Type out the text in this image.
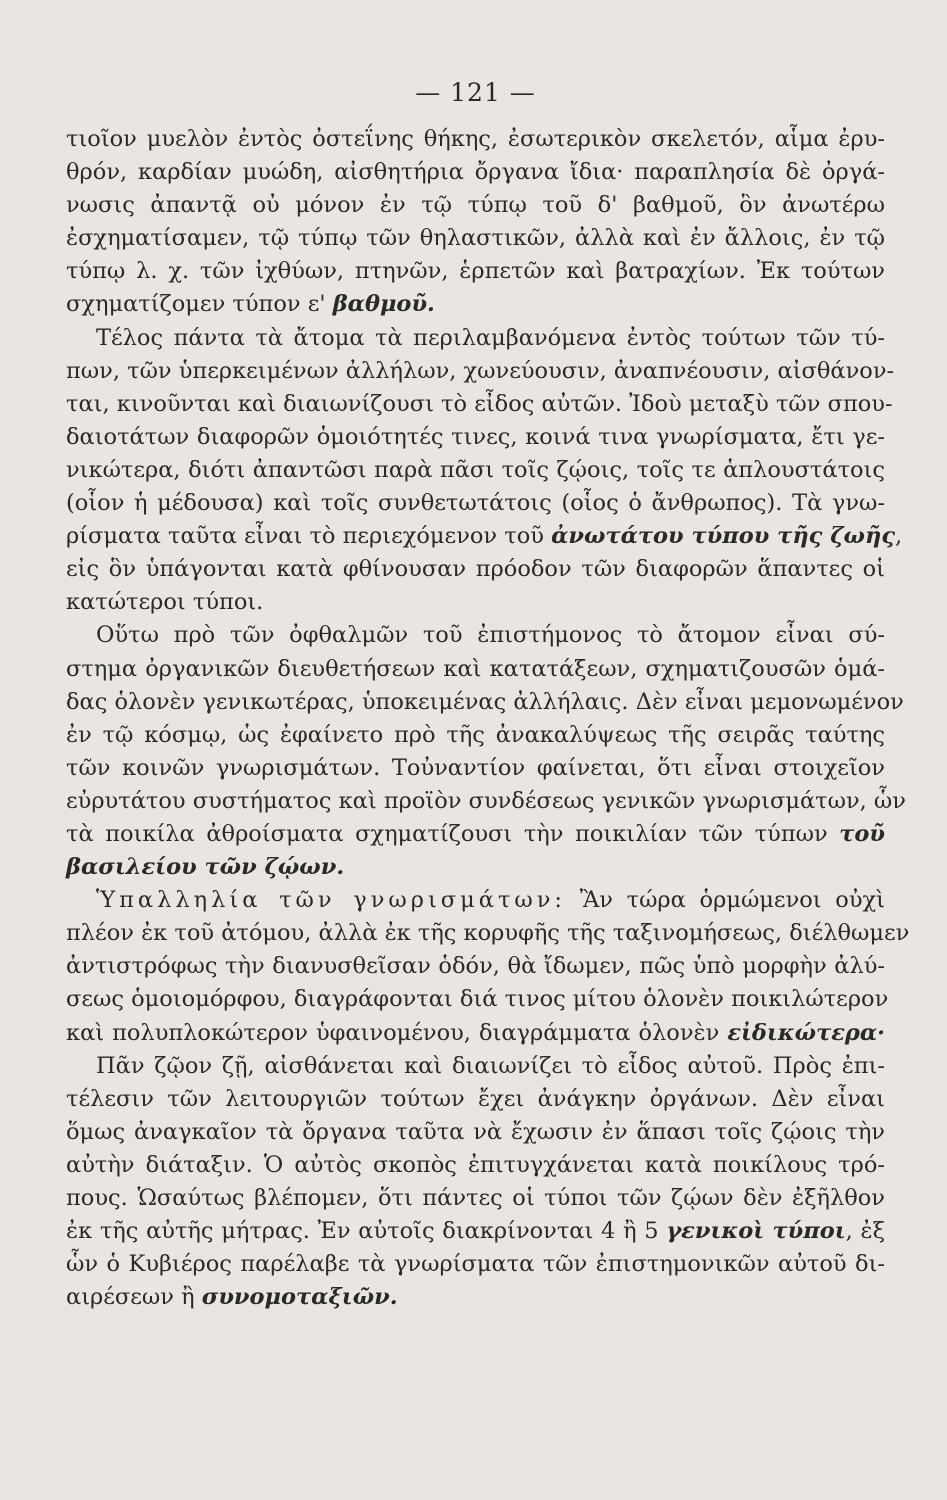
— 121 —
τιοῖον μυελὸν ἐντὸς ὀστεΐνης θήκης, ἐσωτερικὸν σκελετόν, αἷμα ἐρυ-
θρόν, καρδίαν μυώδη, αἰσθητήρια ὄργανα ἴδια· παραπλησία δὲ ὀργά-
νωσις ἀπαντᾷ οὐ μόνον ἐν τῷ τύπῳ τοῦ δ' βαθμοῦ, ὃν ἀνωτέρω
ἐσχηματίσαμεν, τῷ τύπῳ τῶν θηλαστικῶν, ἀλλὰ καὶ ἐν ἄλλοις, ἐν τῷ
τύπῳ λ. χ. τῶν ἰχθύων, πτηνῶν, ἑρπετῶν καὶ βατραχίων. Ἐκ τούτων
σχηματίζομεν τύπον ε' βαθμοῦ.
Τέλος πάντα τὰ ἄτομα τὰ περιλαμβανόμενα ἐντὸς τούτων τῶν τύ-
πων, τῶν ὑπερκειμένων ἀλλήλων, χωνεύουσιν, ἀναπνέουσιν, αἰσθάνον-
ται, κινοῦνται καὶ διαιωνίζουσι τὸ εἶδος αὐτῶν. Ἰδοὺ μεταξὺ τῶν σπου-
δαιοτάτων διαφορῶν ὁμοιότητές τινες, κοινά τινα γνωρίσματα, ἔτι γε-
νικώτερα, διότι ἀπαντῶσι παρὰ πᾶσι τοῖς ζῴοις, τοῖς τε ἁπλουστάτοις
(οἷον ἡ μέδουσα) καὶ τοῖς συνθετωτάτοις (οἷος ὁ ἄνθρωπος). Τὰ γνω-
ρίσματα ταῦτα εἶναι τὸ περιεχόμενον τοῦ ἀνωτάτου τύπου τῆς ζωῆς,
εἰς ὃν ὑπάγονται κατὰ φθίνουσαν πρόοδον τῶν διαφορῶν ἅπαντες οἱ
κατώτεροι τύποι.
Οὕτω πρὸ τῶν ὀφθαλμῶν τοῦ ἐπιστήμονος τὸ ἄτομον εἶναι σύ-
στημα ὀργανικῶν διευθετήσεων καὶ κατατάξεων, σχηματιζουσῶν ὁμά-
δας ὁλονὲν γενικωτέρας, ὑποκειμένας ἀλλήλαις. Δὲν εἶναι μεμονωμένον
ἐν τῷ κόσμῳ, ὡς ἐφαίνετο πρὸ τῆς ἀνακαλύψεως τῆς σειρᾶς ταύτης
τῶν κοινῶν γνωρισμάτων. Τοὐναντίον φαίνεται, ὅτι εἶναι στοιχεῖον
εὐρυτάτου συστήματος καὶ προϊὸν συνδέσεως γενικῶν γνωρισμάτων, ὧν
τὰ ποικίλα ἀθροίσματα σχηματίζουσι τὴν ποικιλίαν τῶν τύπων τοῦ
βασιλείου τῶν ζῴων.
Ὑπαλληλία τῶν γνωρισμάτων: Ἂν τώρα ὁρμώμενοι οὐχὶ
πλέον ἐκ τοῦ ἀτόμου, ἀλλὰ ἐκ τῆς κορυφῆς τῆς ταξινομήσεως, διέλθωμεν
ἀντιστρόφως τὴν διανυσθεῖσαν ὁδόν, θὰ ἴδωμεν, πῶς ὑπὸ μορφὴν ἀλύ-
σεως ὁμοιομόρφου, διαγράφονται διά τινος μίτου ὁλονὲν ποικιλώτερον
καὶ πολυπλοκώτερον ὑφαινομένου, διαγράμματα ὁλονὲν εἰδικώτερα·
Πᾶν ζῷον ζῇ, αἰσθάνεται καὶ διαιωνίζει τὸ εἶδος αὐτοῦ. Πρὸς ἐπι-
τέλεσιν τῶν λειτουργιῶν τούτων ἔχει ἀνάγκην ὀργάνων. Δὲν εἶναι
ὅμως ἀναγκαῖον τὰ ὄργανα ταῦτα νὰ ἔχωσιν ἐν ἅπασι τοῖς ζῴοις τὴν
αὐτὴν διάταξιν. Ὁ αὐτὸς σκοπὸς ἐπιτυγχάνεται κατὰ ποικίλους τρό-
πους. Ὡσαύτως βλέπομεν, ὅτι πάντες οἱ τύποι τῶν ζῴων δὲν ἐξῆλθον
ἐκ τῆς αὐτῆς μήτρας. Ἐν αὐτοῖς διακρίνονται 4 ἢ 5 γενικοὶ τύποι, ἐξ
ὧν ὁ Κυβιέρος παρέλαβε τὰ γνωρίσματα τῶν ἐπιστημονικῶν αὐτοῦ δι-
αιρέσεων ἢ συνομοταξιῶν.
